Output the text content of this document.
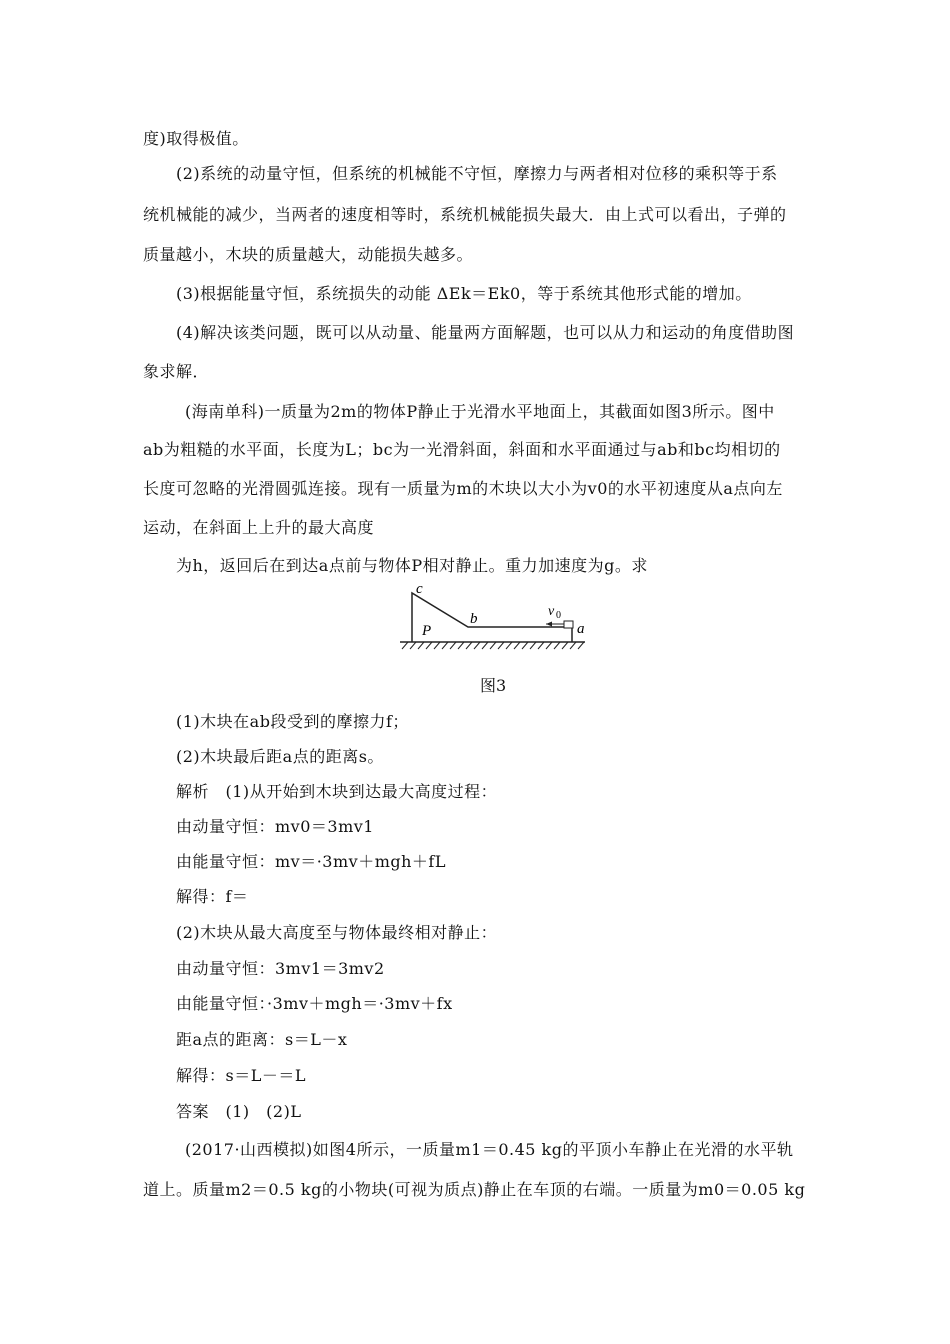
度)取得极值。
(2)系统的动量守恒，但系统的机械能不守恒，摩擦力与两者相对位移的乘积等于系
统机械能的减少，当两者的速度相等时，系统机械能损失最大．由上式可以看出，子弹的
质量越小，木块的质量越大，动能损失越多。
(3)根据能量守恒，系统损失的动能 ΔEk＝Ek0，等于系统其他形式能的增加。
(4)解决该类问题，既可以从动量、能量两方面解题，也可以从力和运动的角度借助图
象求解．
(海南单科)一质量为2m的物体P静止于光滑水平地面上，其截面如图3所示。图中
ab为粗糙的水平面，长度为L；bc为一光滑斜面，斜面和水平面通过与ab和bc均相切的
长度可忽略的光滑圆弧连接。现有一质量为m的木块以大小为v0的水平初速度从a点向左
运动，在斜面上上升的最大高度
为h，返回后在到达a点前与物体P相对静止。重力加速度为g。求
(1)木块在ab段受到的摩擦力f；
(2)木块最后距a点的距离s。
解析　(1)从开始到木块到达最大高度过程：
由动量守恒：mv0＝3mv1
由能量守恒：mv＝·3mv＋mgh＋fL
解得：f＝
(2)木块从最大高度至与物体最终相对静止：
由动量守恒：3mv1＝3mv2
由能量守恒：·3mv＋mgh＝·3mv＋fx
距a点的距离：s＝L－x
解得：s＝L－＝L
答案　(1)　(2)L
(2017·山西模拟)如图4所示，一质量m1＝0.45 kg的平顶小车静止在光滑的水平轨
道上。质量m2＝0.5 kg的小物块(可视为质点)静止在车顶的右端。一质量为m0＝0.05 kg
c
P
b	v 0
a
图3
